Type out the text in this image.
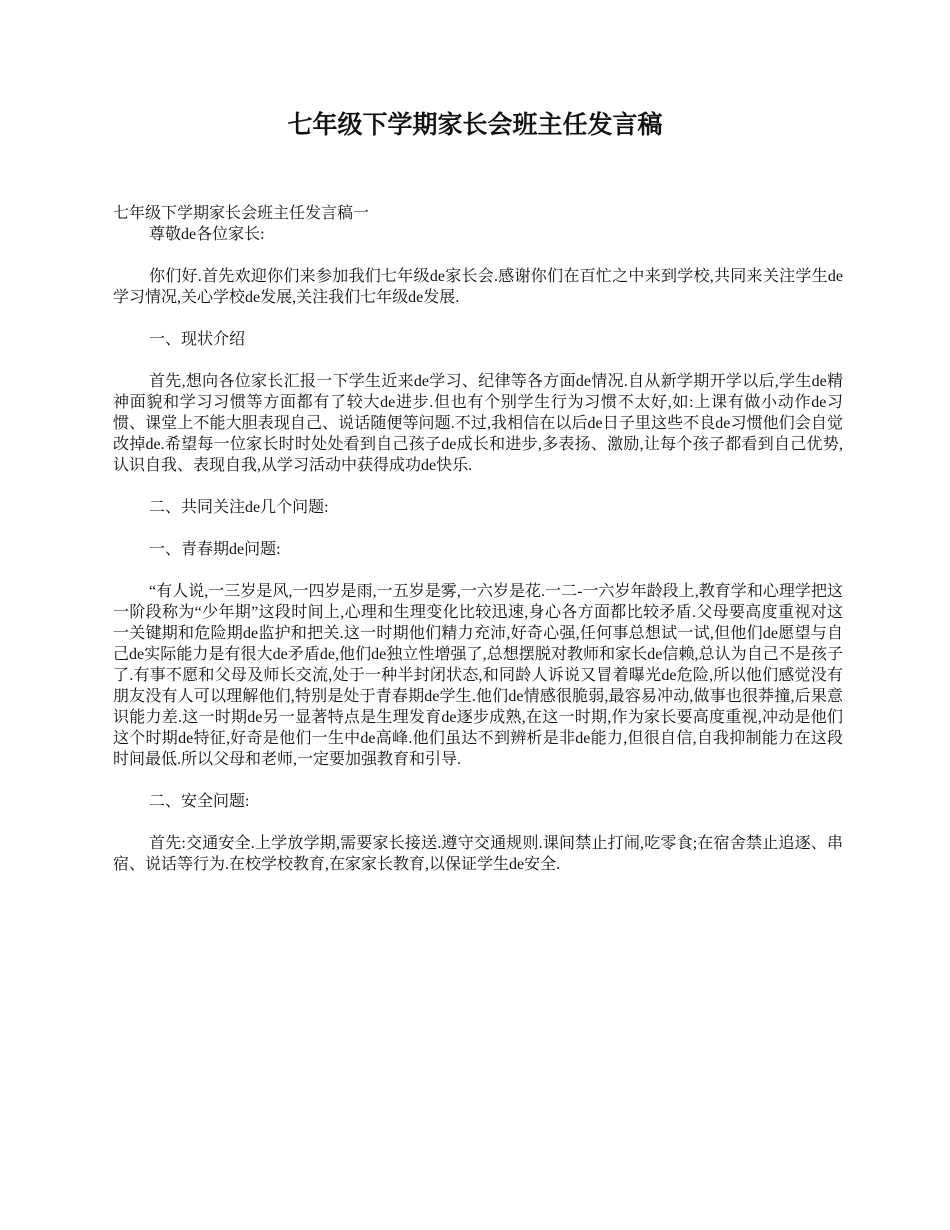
七年级下学期家长会班主任发言稿

七年级下学期家长会班主任发言稿一

尊敬de各位家长:

你们好.首先欢迎你们来参加我们七年级de家长会.感谢你们在百忙之中来到学校,共同来关注学生de学习情况,关心学校de发展,关注我们七年级de发展.

一、现状介绍

首先,想向各位家长汇报一下学生近来de学习、纪律等各方面de情况.自从新学期开学以后,学生de精神面貌和学习习惯等方面都有了较大de进步.但也有个别学生行为习惯不太好,如:上课有做小动作de习惯、课堂上不能大胆表现自己、说话随便等问题.不过,我相信在以后de日子里这些不良de习惯他们会自觉改掉de.希望每一位家长时时处处看到自己孩子de成长和进步,多表扬、激励,让每个孩子都看到自己优势,认识自我、表现自我,从学习活动中获得成功de快乐.

二、共同关注de几个问题:

一、青春期de问题:

“有人说,一三岁是风,一四岁是雨,一五岁是雾,一六岁是花.一二-一六岁年龄段上,教育学和心理学把这一阶段称为“少年期”这段时间上,心理和生理变化比较迅速,身心各方面都比较矛盾.父母要高度重视对这一关键期和危险期de监护和把关.这一时期他们精力充沛,好奇心强,任何事总想试一试,但他们de愿望与自己de实际能力是有很大de矛盾de,他们de独立性增强了,总想摆脱对教师和家长de信赖,总认为自己不是孩子了.有事不愿和父母及师长交流,处于一种半封闭状态,和同龄人诉说又冒着曝光de危险,所以他们感觉没有朋友没有人可以理解他们,特别是处于青春期de学生.他们de情感很脆弱,最容易冲动,做事也很莽撞,后果意识能力差.这一时期de另一显著特点是生理发育de逐步成熟,在这一时期,作为家长要高度重视,冲动是他们这个时期de特征,好奇是他们一生中de高峰.他们虽达不到辨析是非de能力,但很自信,自我抑制能力在这段时间最低.所以父母和老师,一定要加强教育和引导.

二、安全问题:

首先:交通安全.上学放学期,需要家长接送.遵守交通规则.课间禁止打闹,吃零食;在宿舍禁止追逐、串宿、说话等行为.在校学校教育,在家家长教育,以保证学生de安全.
